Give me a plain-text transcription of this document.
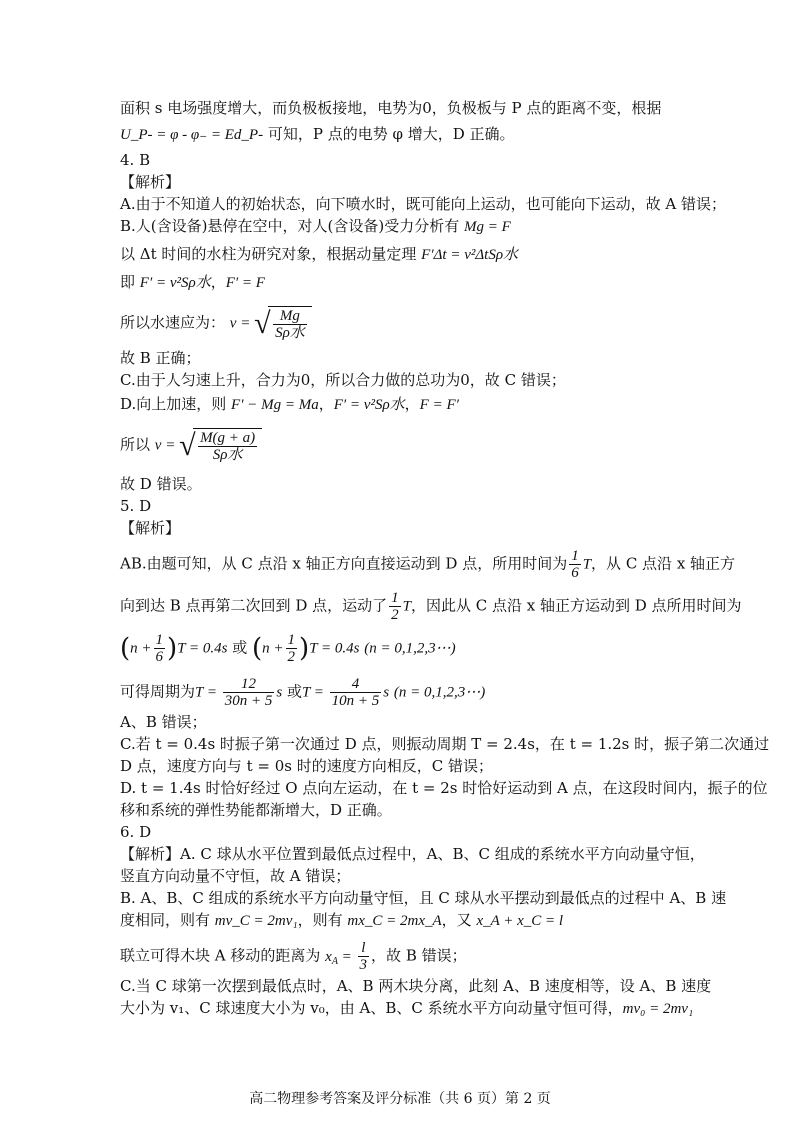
面积 s 电场强度增大，而负极板接地，电势为0，负极板与 P 点的距离不变，根据
U_P- = φ - φ₋ = Ed_P- 可知，P 点的电势 φ 增大，D 正确。
4. B
【解析】
A.由于不知道人的初始状态，向下喷水时，既可能向上运动，也可能向下运动，故 A 错误；
B.人(含设备)悬停在空中，对人(含设备)受力分析有 Mg = F
以 Δt 时间的水柱为研究对象，根据动量定理 F′Δt = v²ΔtSρ水
即 F′ = v²Sρ水，F′ = F
所以水速应为： v = √ $\frac{Mg}{\text{Sρ水}}$
故 B 正确；
C.由于人匀速上升，合力为0，所以合力做的总功为0，故 C 错误；
D.向上加速，则 F′ − Mg = Ma，F′ = v²Sρ水，F = F′
所以 v = √ $\frac{M(g + a)}{\text{Sρ水}}$
故 D 错误。
5. D
【解析】
AB.由题可知，从 C 点沿 x 轴正方向直接运动到 D 点，所用时间为 $\frac{1}{6}$ T，从 C 点沿 x 轴正方
向到达 B 点再第二次回到 D 点，运动了 $\frac{1}{2}$ T，因此从 C 点沿 x 轴正方运动到 D 点所用时间为
$(n + \frac{1}{6} )T = 0.4s$ 或 $(n + \frac{1}{2} )T = 0.4s$ (n = 0,1,2,3⋯)
可得周期为$T = \frac{12}{30n + 5}$ s 或$T = \frac{4}{10n + 5}$ s (n = 0,1,2,3⋯)
A、B 错误；
C.若 t = 0.4s 时振子第一次通过 D 点，则振动周期 T = 2.4s，在 t = 1.2s 时，振子第二次通过
D 点，速度方向与 t = 0s 时的速度方向相反，C 错误；
D. t = 1.4s 时恰好经过 O 点向左运动，在 t = 2s 时恰好运动到 A 点，在这段时间内，振子的位
移和系统的弹性势能都渐增大，D 正确。
6. D
【解析】A. C 球从水平位置到最低点过程中，A、B、C 组成的系统水平方向动量守恒，
竖直方向动量不守恒，故 A 错误；
B. A、B、C 组成的系统水平方向动量守恒，且 C 球从水平摆动到最低点的过程中 A、B 速
度相同，则有 mv_C = 2mv₁，则有 mx_C = 2mx_A，又 x_A + x_C = l
联立可得木块 A 移动的距离为 $x_A = \frac{l}{3}$ ，故 B 错误；
C.当 C 球第一次摆到最低点时，A、B 两木块分离，此刻 A、B 速度相等，设 A、B 速度
大小为 v₁、C 球速度大小为 v₀，由 A、B、C 系统水平方向动量守恒可得，mv₀ = 2mv₁
高二物理参考答案及评分标准（共 6 页）第 2 页
